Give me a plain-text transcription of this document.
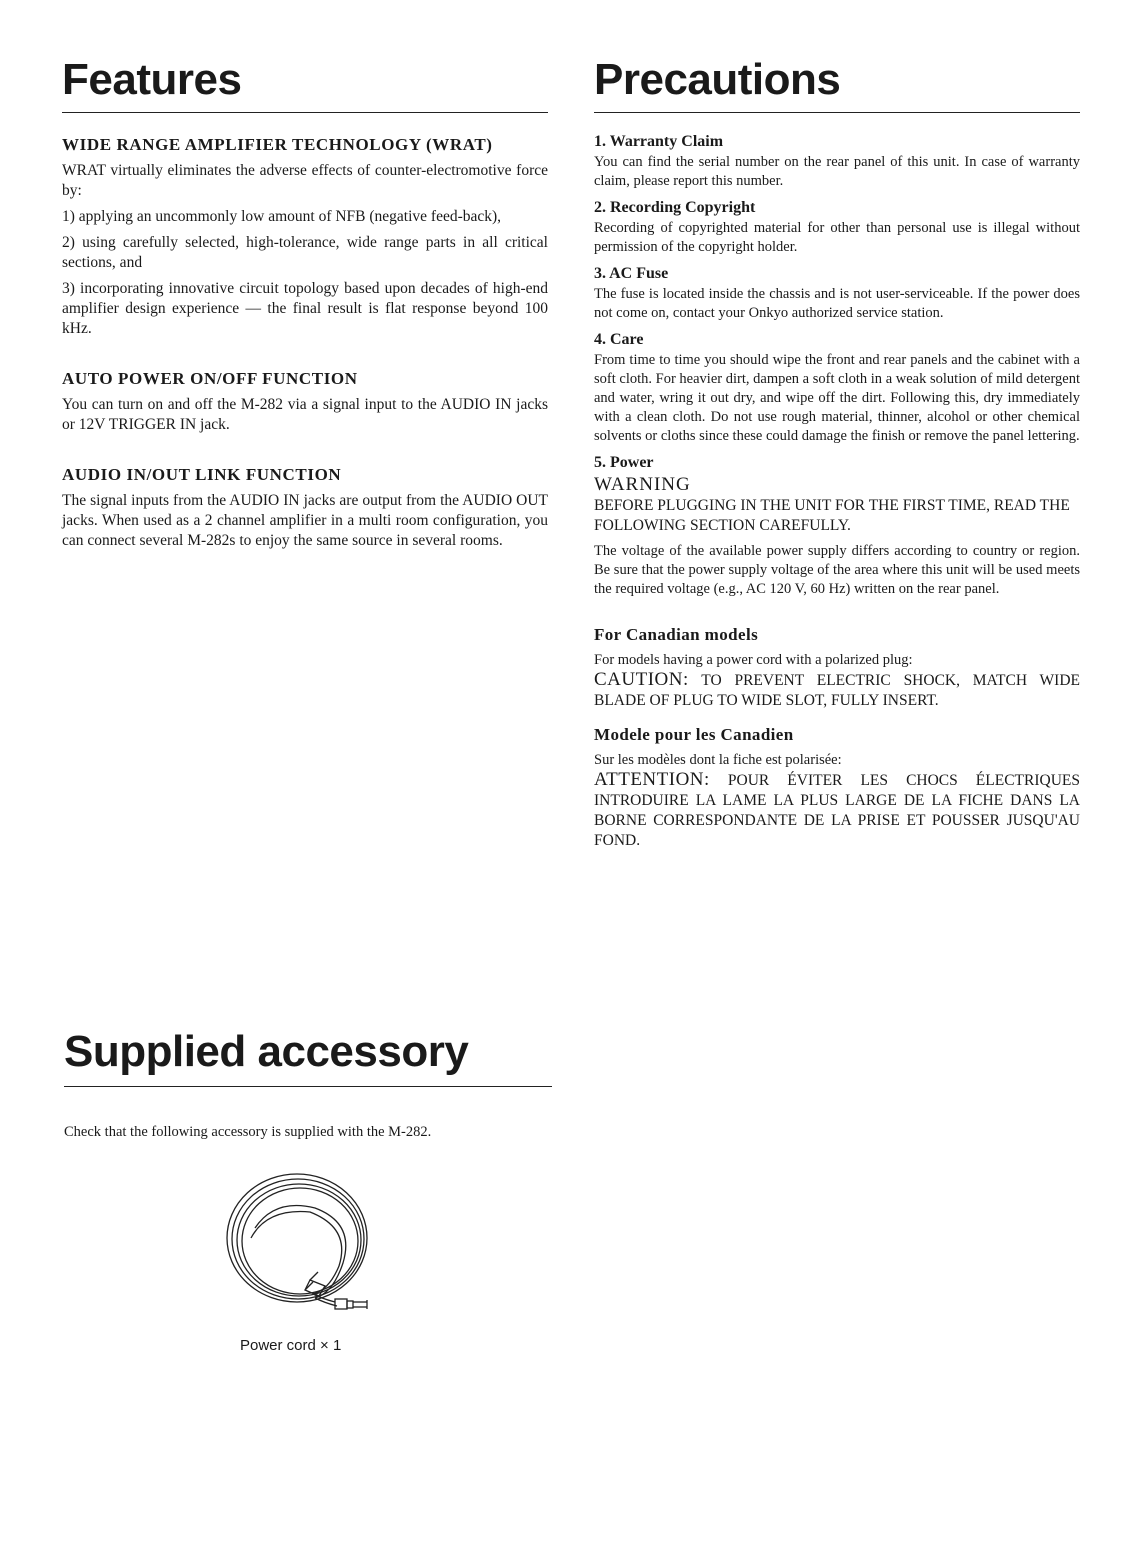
Features
WIDE RANGE AMPLIFIER TECHNOLOGY (WRAT)

WRAT virtually eliminates the adverse effects of counter-electromotive force by:

1) applying an uncommonly low amount of NFB (negative feed-back),

2) using carefully selected, high-tolerance, wide range parts in all critical sections, and

3) incorporating innovative circuit topology based upon decades of high-end amplifier design experience — the final result is flat response beyond 100 kHz.

AUTO POWER ON/OFF FUNCTION

You can turn on and off the M-282 via a signal input to the AUDIO IN jacks or 12V TRIGGER IN jack.

AUDIO IN/OUT LINK FUNCTION

The signal inputs from the AUDIO IN jacks are output from the AUDIO OUT jacks. When used as a 2 channel amplifier in a multi room configuration, you can connect several M-282s to enjoy the same source in several rooms.

Precautions
1. Warranty Claim

You can find the serial number on the rear panel of this unit. In case of warranty claim, please report this number.

2. Recording Copyright

Recording of copyrighted material for other than personal use is illegal without permission of the copyright holder.

3. AC Fuse

The fuse is located inside the chassis and is not user-serviceable. If the power does not come on, contact your Onkyo authorized service station.

4. Care

From time to time you should wipe the front and rear panels and the cabinet with a soft cloth. For heavier dirt, dampen a soft cloth in a weak solution of mild detergent and water, wring it out dry, and wipe off the dirt. Following this, dry immediately with a clean cloth. Do not use rough material, thinner, alcohol or other chemical solvents or cloths since these could damage the finish or remove the panel lettering.

5. Power
WARNING

BEFORE PLUGGING IN THE UNIT FOR THE FIRST TIME, READ THE FOLLOWING SECTION CAREFULLY.

The voltage of the available power supply differs according to country or region. Be sure that the power supply voltage of the area where this unit will be used meets the required voltage (e.g., AC 120 V, 60 Hz) written on the rear panel.

For Canadian models

For models having a power cord with a polarized plug:

CAUTION: TO PREVENT ELECTRIC SHOCK, MATCH WIDE BLADE OF PLUG TO WIDE SLOT, FULLY INSERT.

Modele pour les Canadien

Sur les modèles dont la fiche est polarisée:

ATTENTION: POUR ÉVITER LES CHOCS ÉLECTRIQUES INTRODUIRE LA LAME LA PLUS LARGE DE LA FICHE DANS LA BORNE CORRESPONDANTE DE LA PRISE ET POUSSER JUSQU'AU FOND.

Supplied accessory

Check that the following accessory is supplied with the M-282.

Power cord × 1
